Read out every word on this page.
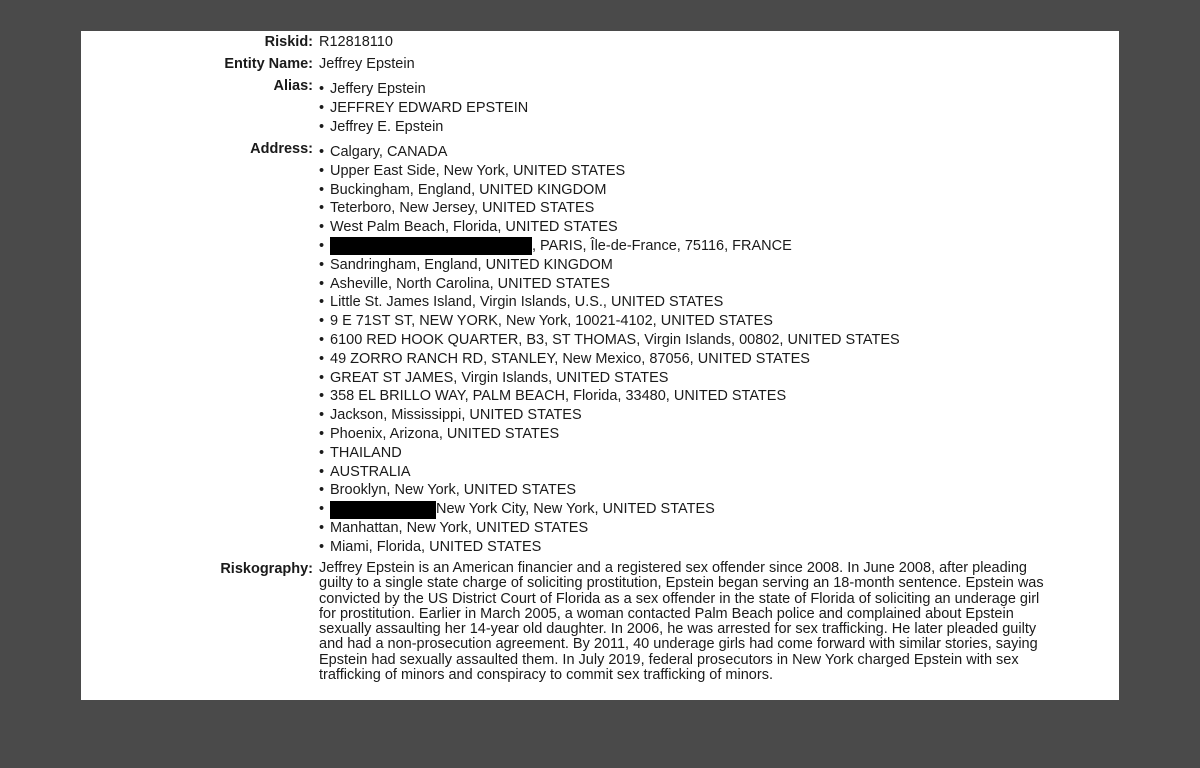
Riskid: R12818110
Entity Name: Jeffrey Epstein
Alias: • Jeffery Epstein
• JEFFREY EDWARD EPSTEIN
• Jeffrey E. Epstein
Address: • Calgary, CANADA
• Upper East Side, New York, UNITED STATES
• Buckingham, England, UNITED KINGDOM
• Teterboro, New Jersey, UNITED STATES
• West Palm Beach, Florida, UNITED STATES
•	, PARIS, Île-de-France, 75116, FRANCE
• Sandringham, England, UNITED KINGDOM
• Asheville, North Carolina, UNITED STATES
• Little St. James Island, Virgin Islands, U.S., UNITED STATES
• 9 E 71ST ST, NEW YORK, New York, 10021-4102, UNITED STATES
• 6100 RED HOOK QUARTER, B3, ST THOMAS, Virgin Islands, 00802, UNITED STATES
• 49 ZORRO RANCH RD, STANLEY, New Mexico, 87056, UNITED STATES
• GREAT ST JAMES, Virgin Islands, UNITED STATES
• 358 EL BRILLO WAY, PALM BEACH, Florida, 33480, UNITED STATES
• Jackson, Mississippi, UNITED STATES
• Phoenix, Arizona, UNITED STATES
• THAILAND
• AUSTRALIA
• Brooklyn, New York, UNITED STATES
•	New York City, New York, UNITED STATES
• Manhattan, New York, UNITED STATES
• Miami, Florida, UNITED STATES
Riskography: Jeffrey Epstein is an American financier and a registered sex offender since 2008. In June 2008, after pleading guilty to a single state charge of soliciting prostitution, Epstein began serving an 18-month sentence. Epstein was convicted by the US District Court of Florida as a sex offender in the state of Florida of soliciting an underage girl for prostitution. Earlier in March 2005, a woman contacted Palm Beach police and complained about Epstein sexually assaulting her 14-year old daughter. In 2006, he was arrested for sex trafficking. He later pleaded guilty and had a non-prosecution agreement. By 2011, 40 underage girls had come forward with similar stories, saying Epstein had sexually assaulted them. In July 2019, federal prosecutors in New York charged Epstein with sex trafficking of minors and conspiracy to commit sex trafficking of minors.
